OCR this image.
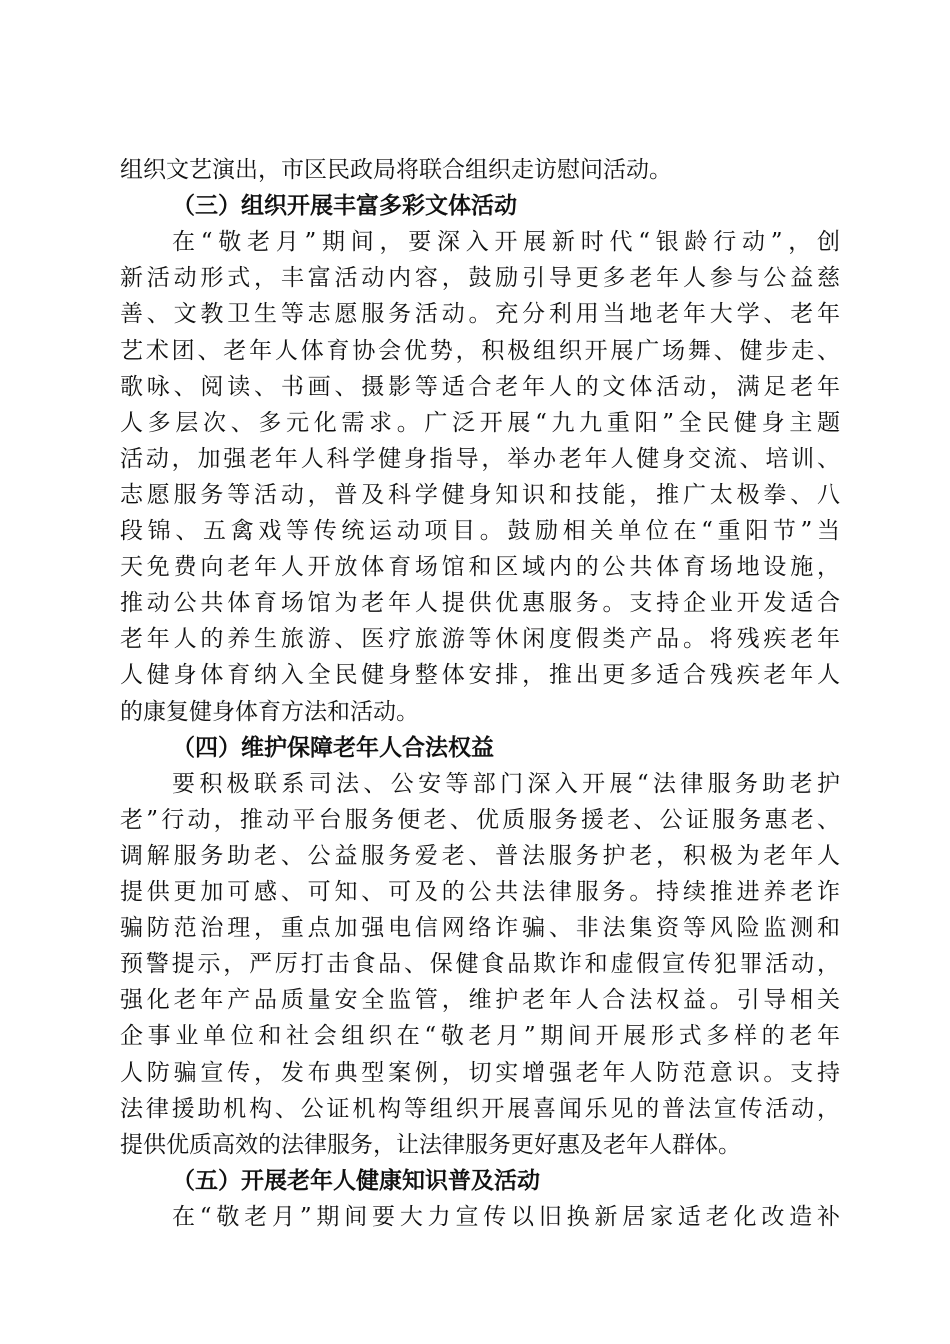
组织文艺演出，市区民政局将联合组织走访慰问活动。
（三）组织开展丰富多彩文体活动
在“敬老月”期间，要深入开展新时代“银龄行动”，创
新活动形式，丰富活动内容，鼓励引导更多老年人参与公益慈
善、文教卫生等志愿服务活动。充分利用当地老年大学、老年
艺术团、老年人体育协会优势，积极组织开展广场舞、健步走、
歌咏、阅读、书画、摄影等适合老年人的文体活动，满足老年
人多层次、多元化需求。广泛开展“九九重阳”全民健身主题
活动，加强老年人科学健身指导，举办老年人健身交流、培训、
志愿服务等活动，普及科学健身知识和技能，推广太极拳、八
段锦、五禽戏等传统运动项目。鼓励相关单位在“重阳节”当
天免费向老年人开放体育场馆和区域内的公共体育场地设施，
推动公共体育场馆为老年人提供优惠服务。支持企业开发适合
老年人的养生旅游、医疗旅游等休闲度假类产品。将残疾老年
人健身体育纳入全民健身整体安排，推出更多适合残疾老年人
的康复健身体育方法和活动。
（四）维护保障老年人合法权益
要积极联系司法、公安等部门深入开展“法律服务助老护
老”行动，推动平台服务便老、优质服务援老、公证服务惠老、
调解服务助老、公益服务爱老、普法服务护老，积极为老年人
提供更加可感、可知、可及的公共法律服务。持续推进养老诈
骗防范治理，重点加强电信网络诈骗、非法集资等风险监测和
预警提示，严厉打击食品、保健食品欺诈和虚假宣传犯罪活动，
强化老年产品质量安全监管，维护老年人合法权益。引导相关
企事业单位和社会组织在“敬老月”期间开展形式多样的老年
人防骗宣传，发布典型案例，切实增强老年人防范意识。支持
法律援助机构、公证机构等组织开展喜闻乐见的普法宣传活动，
提供优质高效的法律服务，让法律服务更好惠及老年人群体。
（五）开展老年人健康知识普及活动
在“敬老月”期间要大力宣传以旧换新居家适老化改造补
